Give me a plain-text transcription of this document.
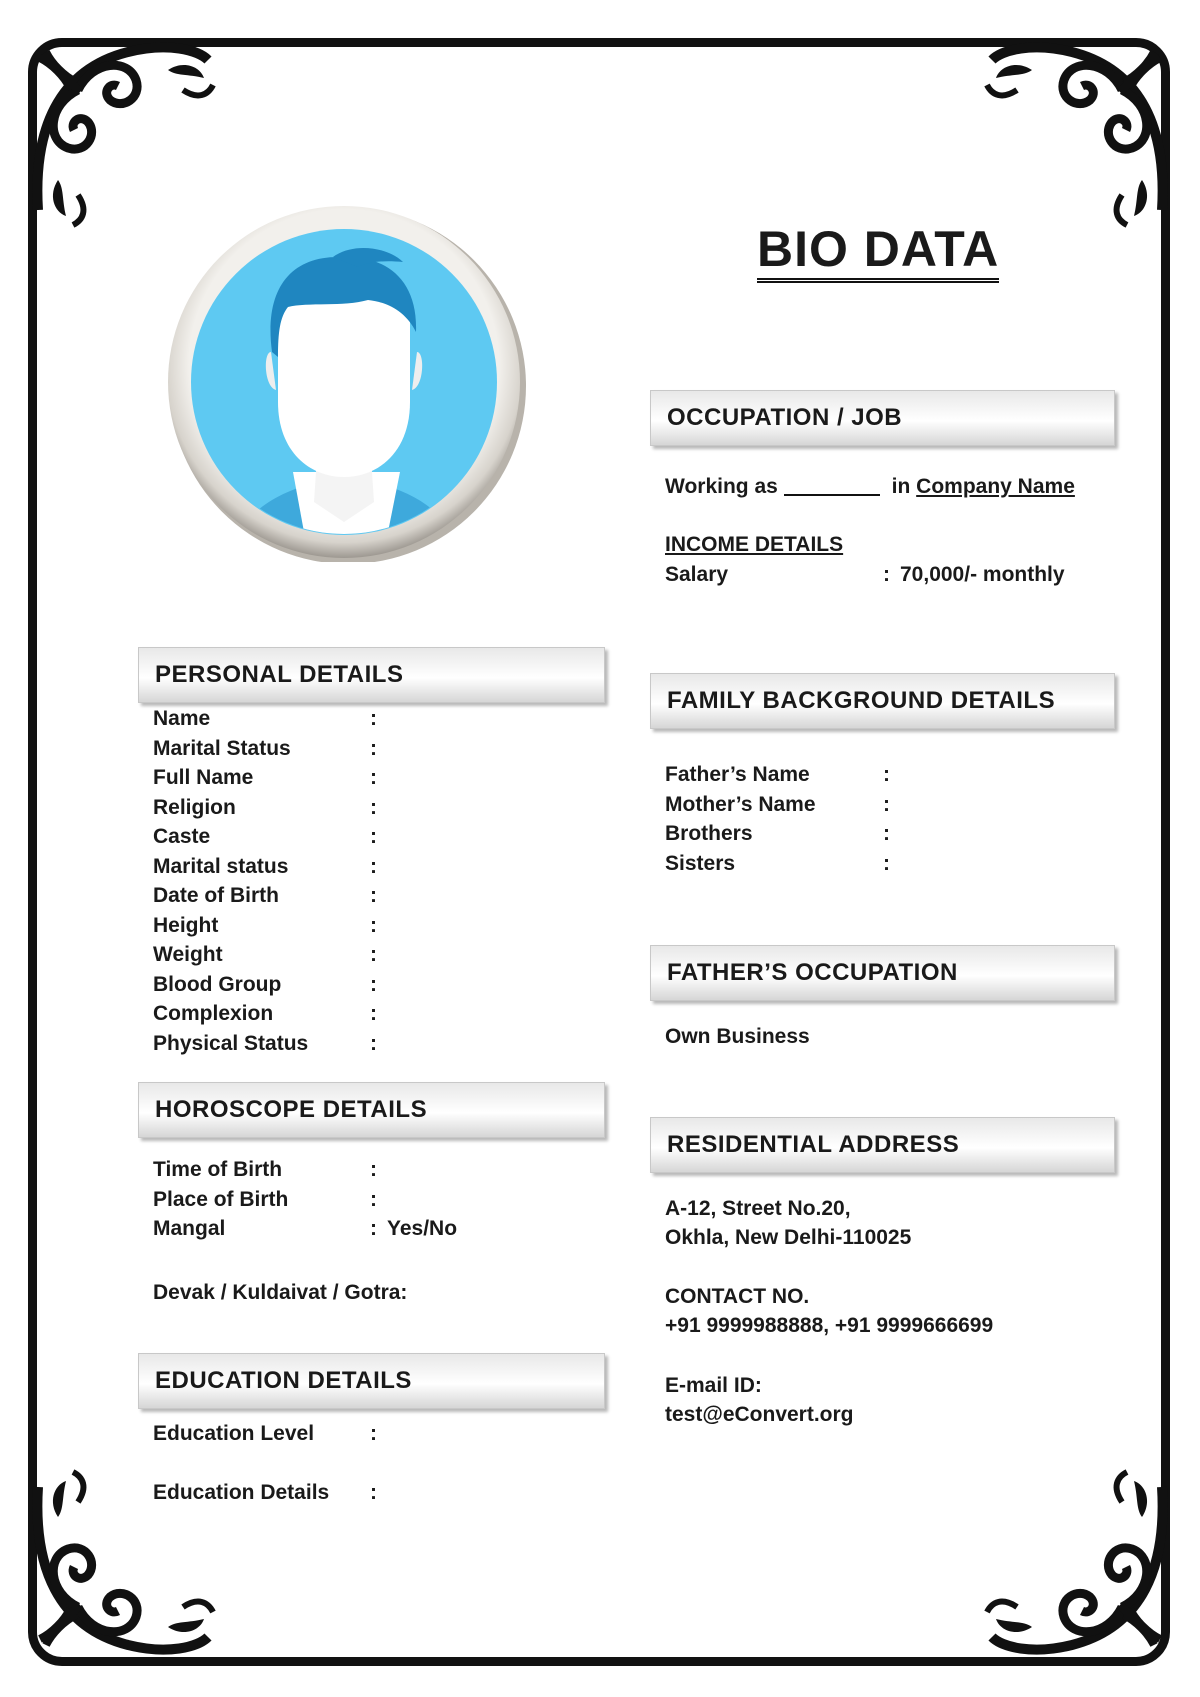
BIO DATA
OCCUPATION / JOB
Working as	in Company Name
INCOME DETAILS
Salary	: 70,000/- monthly
PERSONAL DETAILS
Name	:
Marital Status	:
Full Name	:
Religion	:
Caste	:
Marital status	:
Date of Birth	:
Height	:
Weight	:
Blood Group	:
Complexion	:
Physical Status	:
HOROSCOPE DETAILS
Time of Birth	:
Place of Birth	:
Mangal	: Yes/No
Devak / Kuldaivat / Gotra:
EDUCATION DETAILS
Education Level	:
Education Details :
FAMILY BACKGROUND DETAILS
Father’s Name	:
Mother’s Name	:
Brothers	:
Sisters	:
FATHER’S OCCUPATION
Own Business
RESIDENTIAL ADDRESS
A-12, Street No.20,
Okhla, New Delhi-110025
CONTACT NO.
+91 9999988888, +91 9999666699
E-mail ID:
test@eConvert.org
